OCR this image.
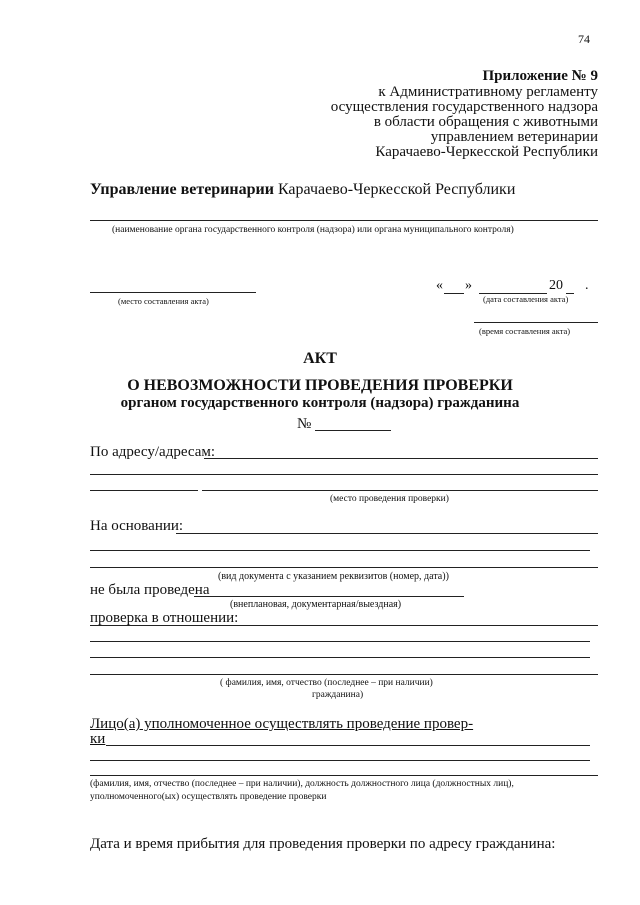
74
Приложение № 9
к Административному регламенту
осуществления государственного надзора
в области обращения с животными
управлением ветеринарии
Карачаево-Черкесской Республики
Управление ветеринарии Карачаево-Черкесской Республики
(наименование органа государственного контроля (надзора) или органа муниципального контроля)
(место составления акта)
« »	20 .
(дата составления акта)
(время составления акта)
АКТ
О НЕВОЗМОЖНОСТИ ПРОВЕДЕНИЯ ПРОВЕРКИ
органом государственного контроля (надзора) гражданина
№
По адресу/адресам:
(место проведения проверки)
На основании:
(вид документа с указанием реквизитов (номер, дата))
не была проведена
(внеплановая, документарная/выездная)
проверка в отношении:
( фамилия, имя, отчество (последнее – при наличии)
гражданина)
Лицо(а) уполномоченное осуществлять проведение провер-
ки
(фамилия, имя, отчество (последнее – при наличии), должность должностного лица (должностных лиц),
уполномоченного(ых) осуществлять проведение проверки
Дата и время прибытия для проведения проверки по адресу гражданина:
